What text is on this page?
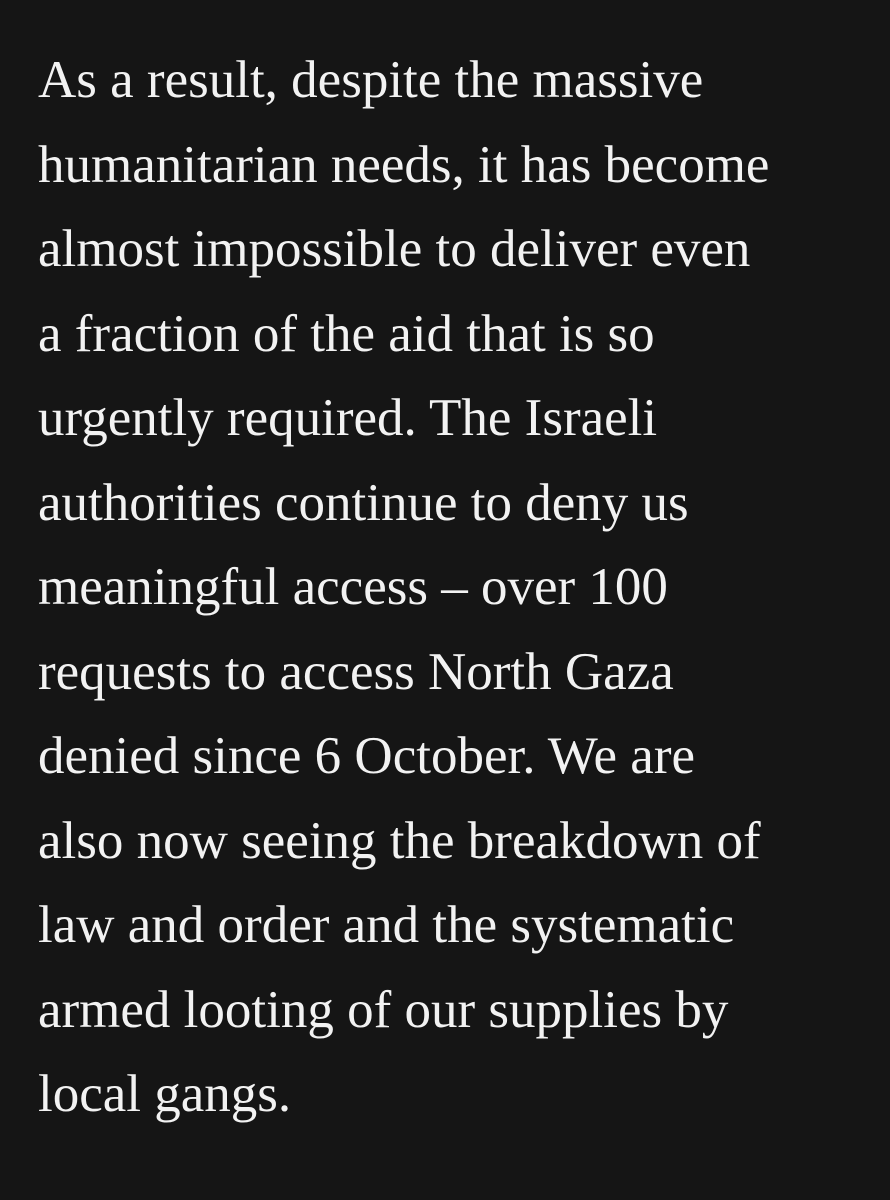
As a result, despite the massive
humanitarian needs, it has become
almost impossible to deliver even
a fraction of the aid that is so
urgently required. The Israeli
authorities continue to deny us
meaningful access – over 100
requests to access North Gaza
denied since 6 October. We are
also now seeing the breakdown of
law and order and the systematic
armed looting of our supplies by
local gangs.
